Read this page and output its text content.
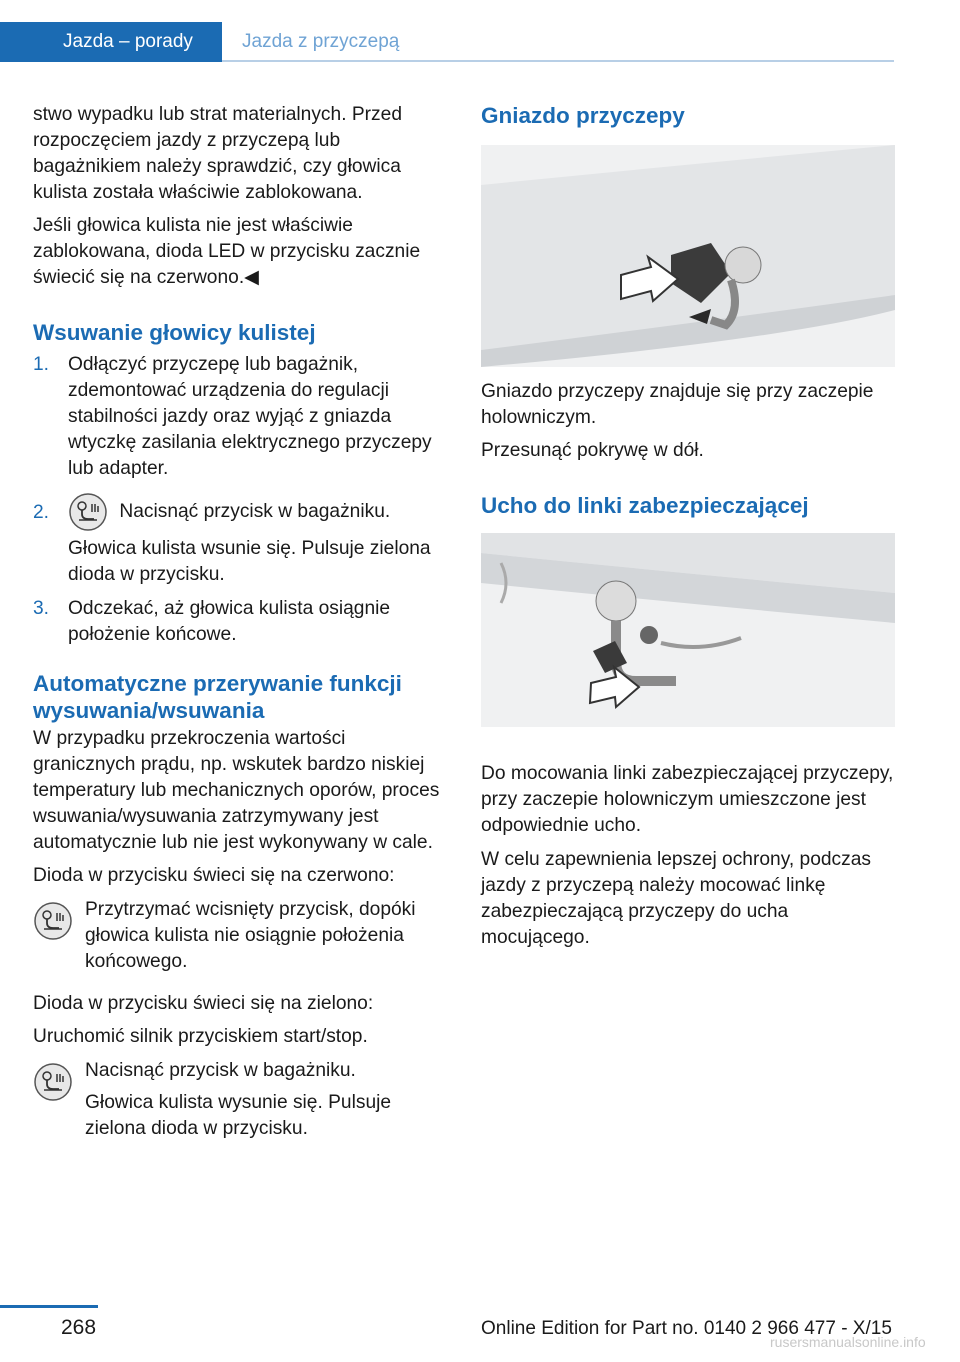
Jazda – porady	Jazda z przyczepą

stwo wypadku lub strat materialnych. Przed rozpoczęciem jazdy z przyczepą lub bagażnikiem należy sprawdzić, czy głowica kulista została właściwie zablokowana.

Jeśli głowica kulista nie jest właściwie zablokowana, dioda LED w przycisku zacznie świecić się na czerwono.◀

Wsuwanie głowicy kulistej
1. Odłączyć przyczepę lub bagażnik, zdemontować urządzenia do regulacji stabilności jazdy oraz wyjąć z gniazda wtyczkę zasilania elektrycznego przyczepy lub adapter.
2.	Nacisnąć przycisk w bagażniku.

Głowica kulista wsunie się. Pulsuje zielona dioda w przycisku.

3. Odczekać, aż głowica kulista osiągnie położenie końcowe.
Automatyczne przerywanie funkcji wysuwania/wsuwania

W przypadku przekroczenia wartości granicznych prądu, np. wskutek bardzo niskiej temperatury lub mechanicznych oporów, proces wsuwania/wysuwania zatrzymywany jest automatycznie lub nie jest wykonywany w cale.

Dioda w przycisku świeci się na czerwono:

Przytrzymać wcisnięty przycisk, dopóki głowica kulista nie osiągnie położenia końcowego.

Dioda w przycisku świeci się na zielono:

Uruchomić silnik przyciskiem start/stop.

Nacisnąć przycisk w bagażniku.

Głowica kulista wysunie się. Pulsuje zielona dioda w przycisku.

Gniazdo przyczepy

Gniazdo przyczepy znajduje się przy zaczepie holowniczym.

Przesunąć pokrywę w dół.

Ucho do linki zabezpieczającej

Do mocowania linki zabezpieczającej przyczepy, przy zaczepie holowniczym umieszczone jest odpowiednie ucho.

W celu zapewnienia lepszej ochrony, podczas jazdy z przyczepą należy mocować linkę zabezpieczającą przyczepy do ucha mocującego.

268	Online Edition for Part no. 0140 2 966 477 - X/15
rusersmanualsonline.info
